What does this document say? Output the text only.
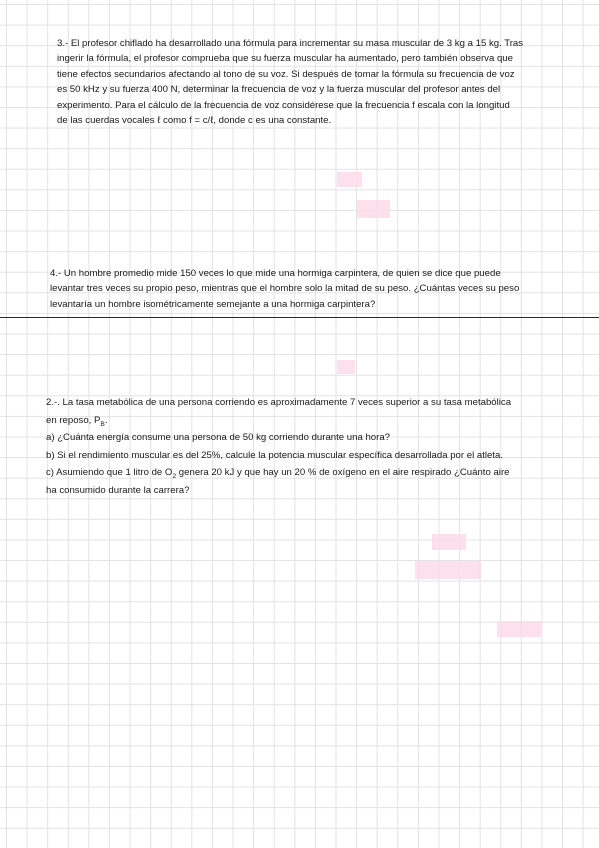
3.- El profesor chiflado ha desarrollado una fórmula para incrementar su masa muscular de 3 kg a 15 kg. Tras

ingerir la fórmula, el profesor comprueba que su fuerza muscular ha aumentado, pero también observa que

tiene efectos secundarios afectando al tono de su voz. Si después de tomar la fórmula su frecuencia de voz

es 50 kHz y su fuerza 400 N, determinar la frecuencia de voz y la fuerza muscular del profesor antes del

experimento. Para el cálculo de la frecuencia de voz considérese que la frecuencia f escala con la longitud

de las cuerdas vocales ℓ como f = c/ℓ, donde c es una constante.

4.- Un hombre promedio mide 150 veces lo que mide una hormiga carpintera, de quien se dice que puede

levantar tres veces su propio peso, mientras que el hombre solo la mitad de su peso. ¿Cuántas veces su peso

levantaría un hombre isométricamente semejante a una hormiga carpintera?

2.-. La tasa metabólica de una persona corriendo es aproximadamente 7 veces superior a su tasa metabólica

en reposo, $P_B$.

a) ¿Cuánta energía consume una persona de 50 kg corriendo durante una hora?

b) Si el rendimiento muscular es del 25%, calcule la potencia muscular específica desarrollada por el atleta.

c) Asumiendo que 1 litro de $O_2$ genera 20 kJ y que hay un 20 % de oxígeno en el aire respirado ¿Cuánto aire

ha consumido durante la carrera?
